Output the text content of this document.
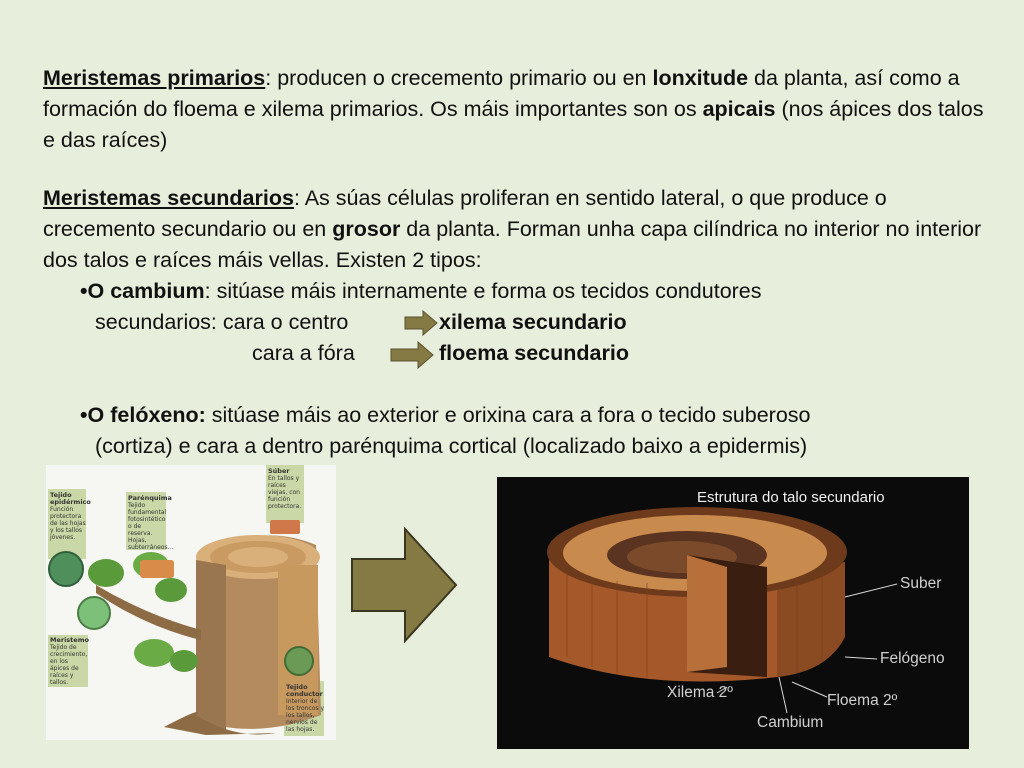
Meristemas primarios: producen o crecemento primario ou en lonxitude da planta, así como a formación do floema e xilema primarios. Os máis importantes son os apicais (nos ápices dos talos e das raíces)
Meristemas secundarios: As súas células proliferan en sentido lateral, o que produce o crecemento secundario ou en grosor da planta. Forman unha capa cilíndrica no interior no interior dos talos e raíces máis vellas. Existen 2 tipos:
•O cambium: sitúase máis internamente e forma os tecidos condutores
secundarios: cara o centro	xilema secundario
cara a fóra	floema secundario
•O felóxeno: sitúase máis ao exterior e orixina cara a fora o tecido suberoso
(cortiza) e cara a dentro parénquima cortical (localizado baixo a epidermis)
Tejido epidérmico
Función protectora de las hojas y los tallos jóvenes.
Parénquima
Tejido fundamental fotosintético o de reserva. Hojas, subterráneos...
Súber
En tallos y raíces viejas, con función protectora.
Meristemo
Tejido de crecimiento, en los ápices de raíces y tallos.
Tejido conductor
Interior de los troncos y los tallos, nervios de las hojas.
Estrutura do talo secundario
Suber
Felógeno
Xilema 2º	Floema 2º
Cambium
